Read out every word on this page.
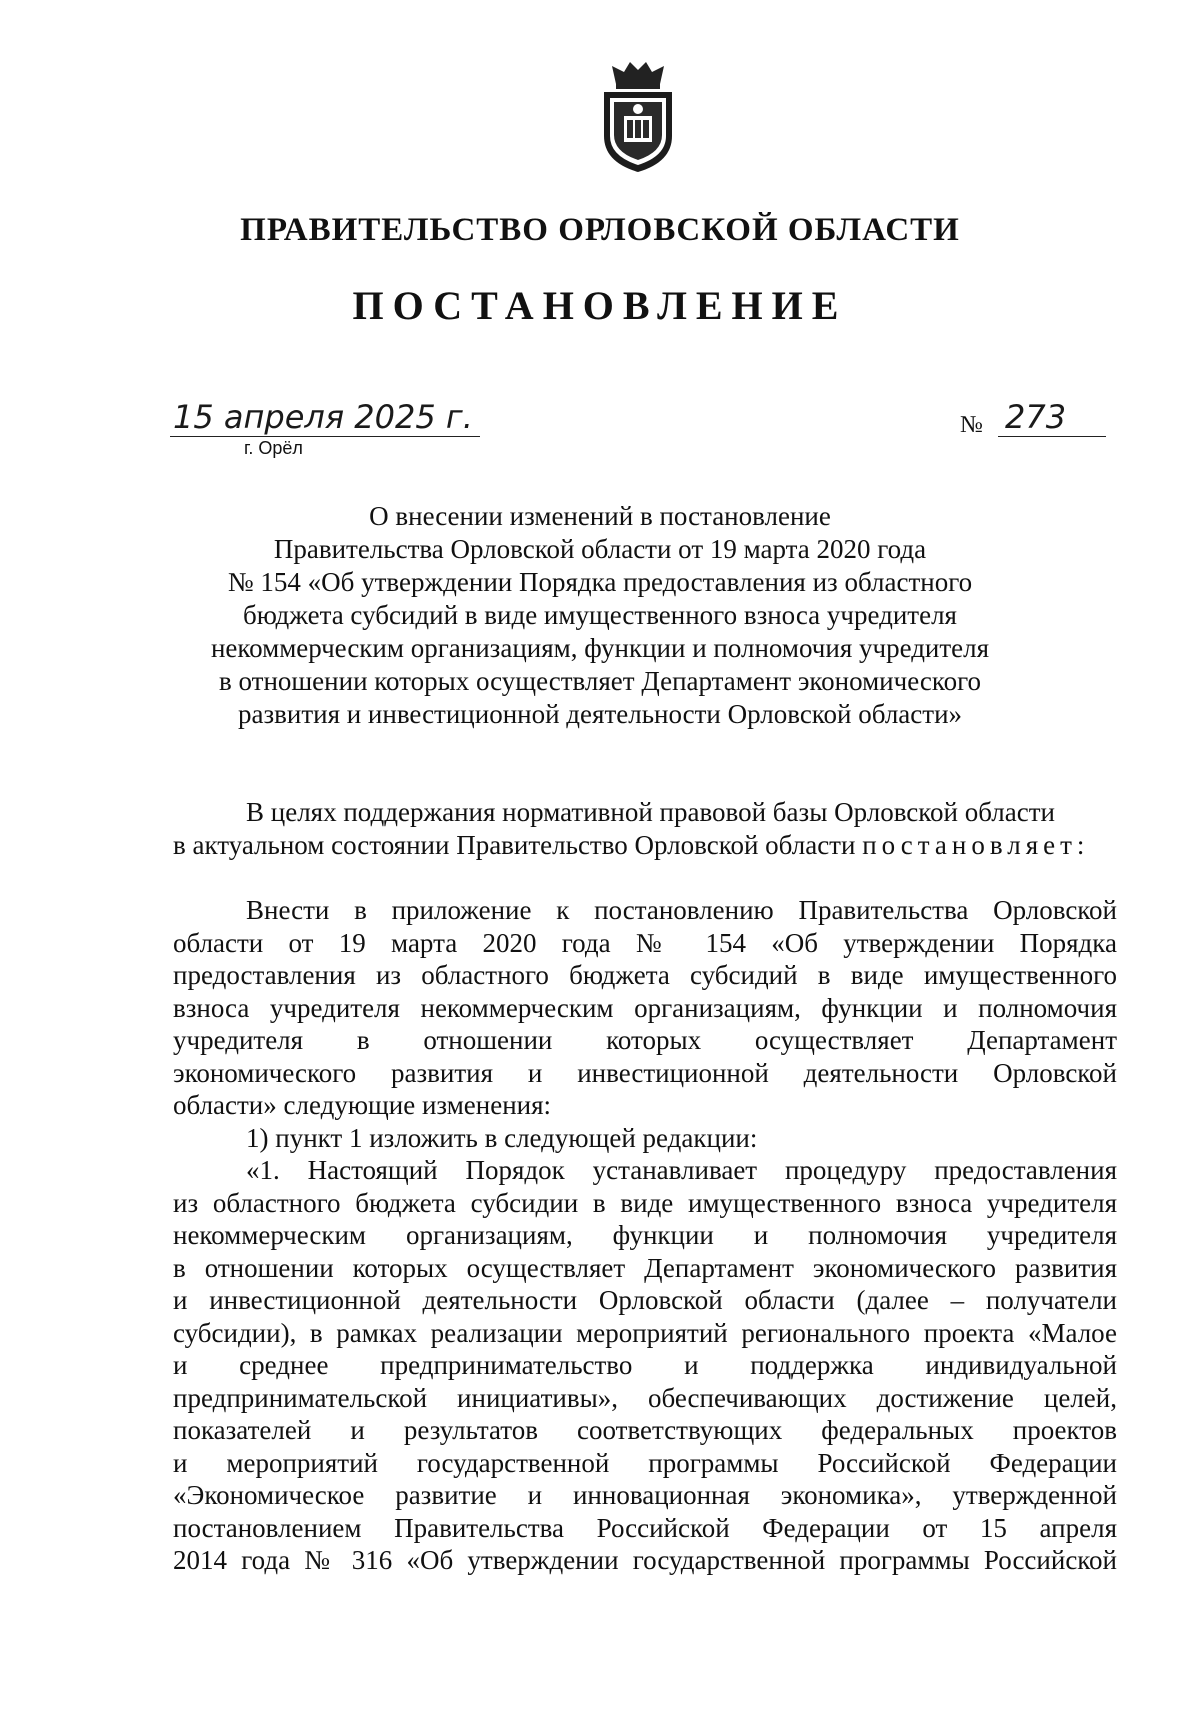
ПРАВИТЕЛЬСТВО ОРЛОВСКОЙ ОБЛАСТИ
ПОСТАНОВЛЕНИЕ
15 апреля 2025 г.
г. Орёл
№ 273
О внесении изменений в постановление
Правительства Орловской области от 19 марта 2020 года
№ 154 «Об утверждении Порядка предоставления из областного
бюджета субсидий в виде имущественного взноса учредителя
некоммерческим организациям, функции и полномочия учредителя
в отношении которых осуществляет Департамент экономического
развития и инвестиционной деятельности Орловской области»
В целях поддержания нормативной правовой базы Орловской области
в актуальном состоянии Правительство Орловской области постановляет:
Внести в приложение к постановлению Правительства Орловской
области от 19 марта 2020 года № 154 «Об утверждении Порядка
предоставления из областного бюджета субсидий в виде имущественного
взноса учредителя некоммерческим организациям, функции и полномочия
учредителя в отношении которых осуществляет Департамент
экономического развития и инвестиционной деятельности Орловской
области» следующие изменения:
1) пункт 1 изложить в следующей редакции:
«1. Настоящий Порядок устанавливает процедуру предоставления
из областного бюджета субсидии в виде имущественного взноса учредителя
некоммерческим организациям, функции и полномочия учредителя
в отношении которых осуществляет Департамент экономического развития
и инвестиционной деятельности Орловской области (далее – получатели
субсидии), в рамках реализации мероприятий регионального проекта «Малое
и среднее предпринимательство и поддержка индивидуальной
предпринимательской инициативы», обеспечивающих достижение целей,
показателей и результатов соответствующих федеральных проектов
и мероприятий государственной программы Российской Федерации
«Экономическое развитие и инновационная экономика», утвержденной
постановлением Правительства Российской Федерации от 15 апреля
2014 года № 316 «Об утверждении государственной программы Российской
